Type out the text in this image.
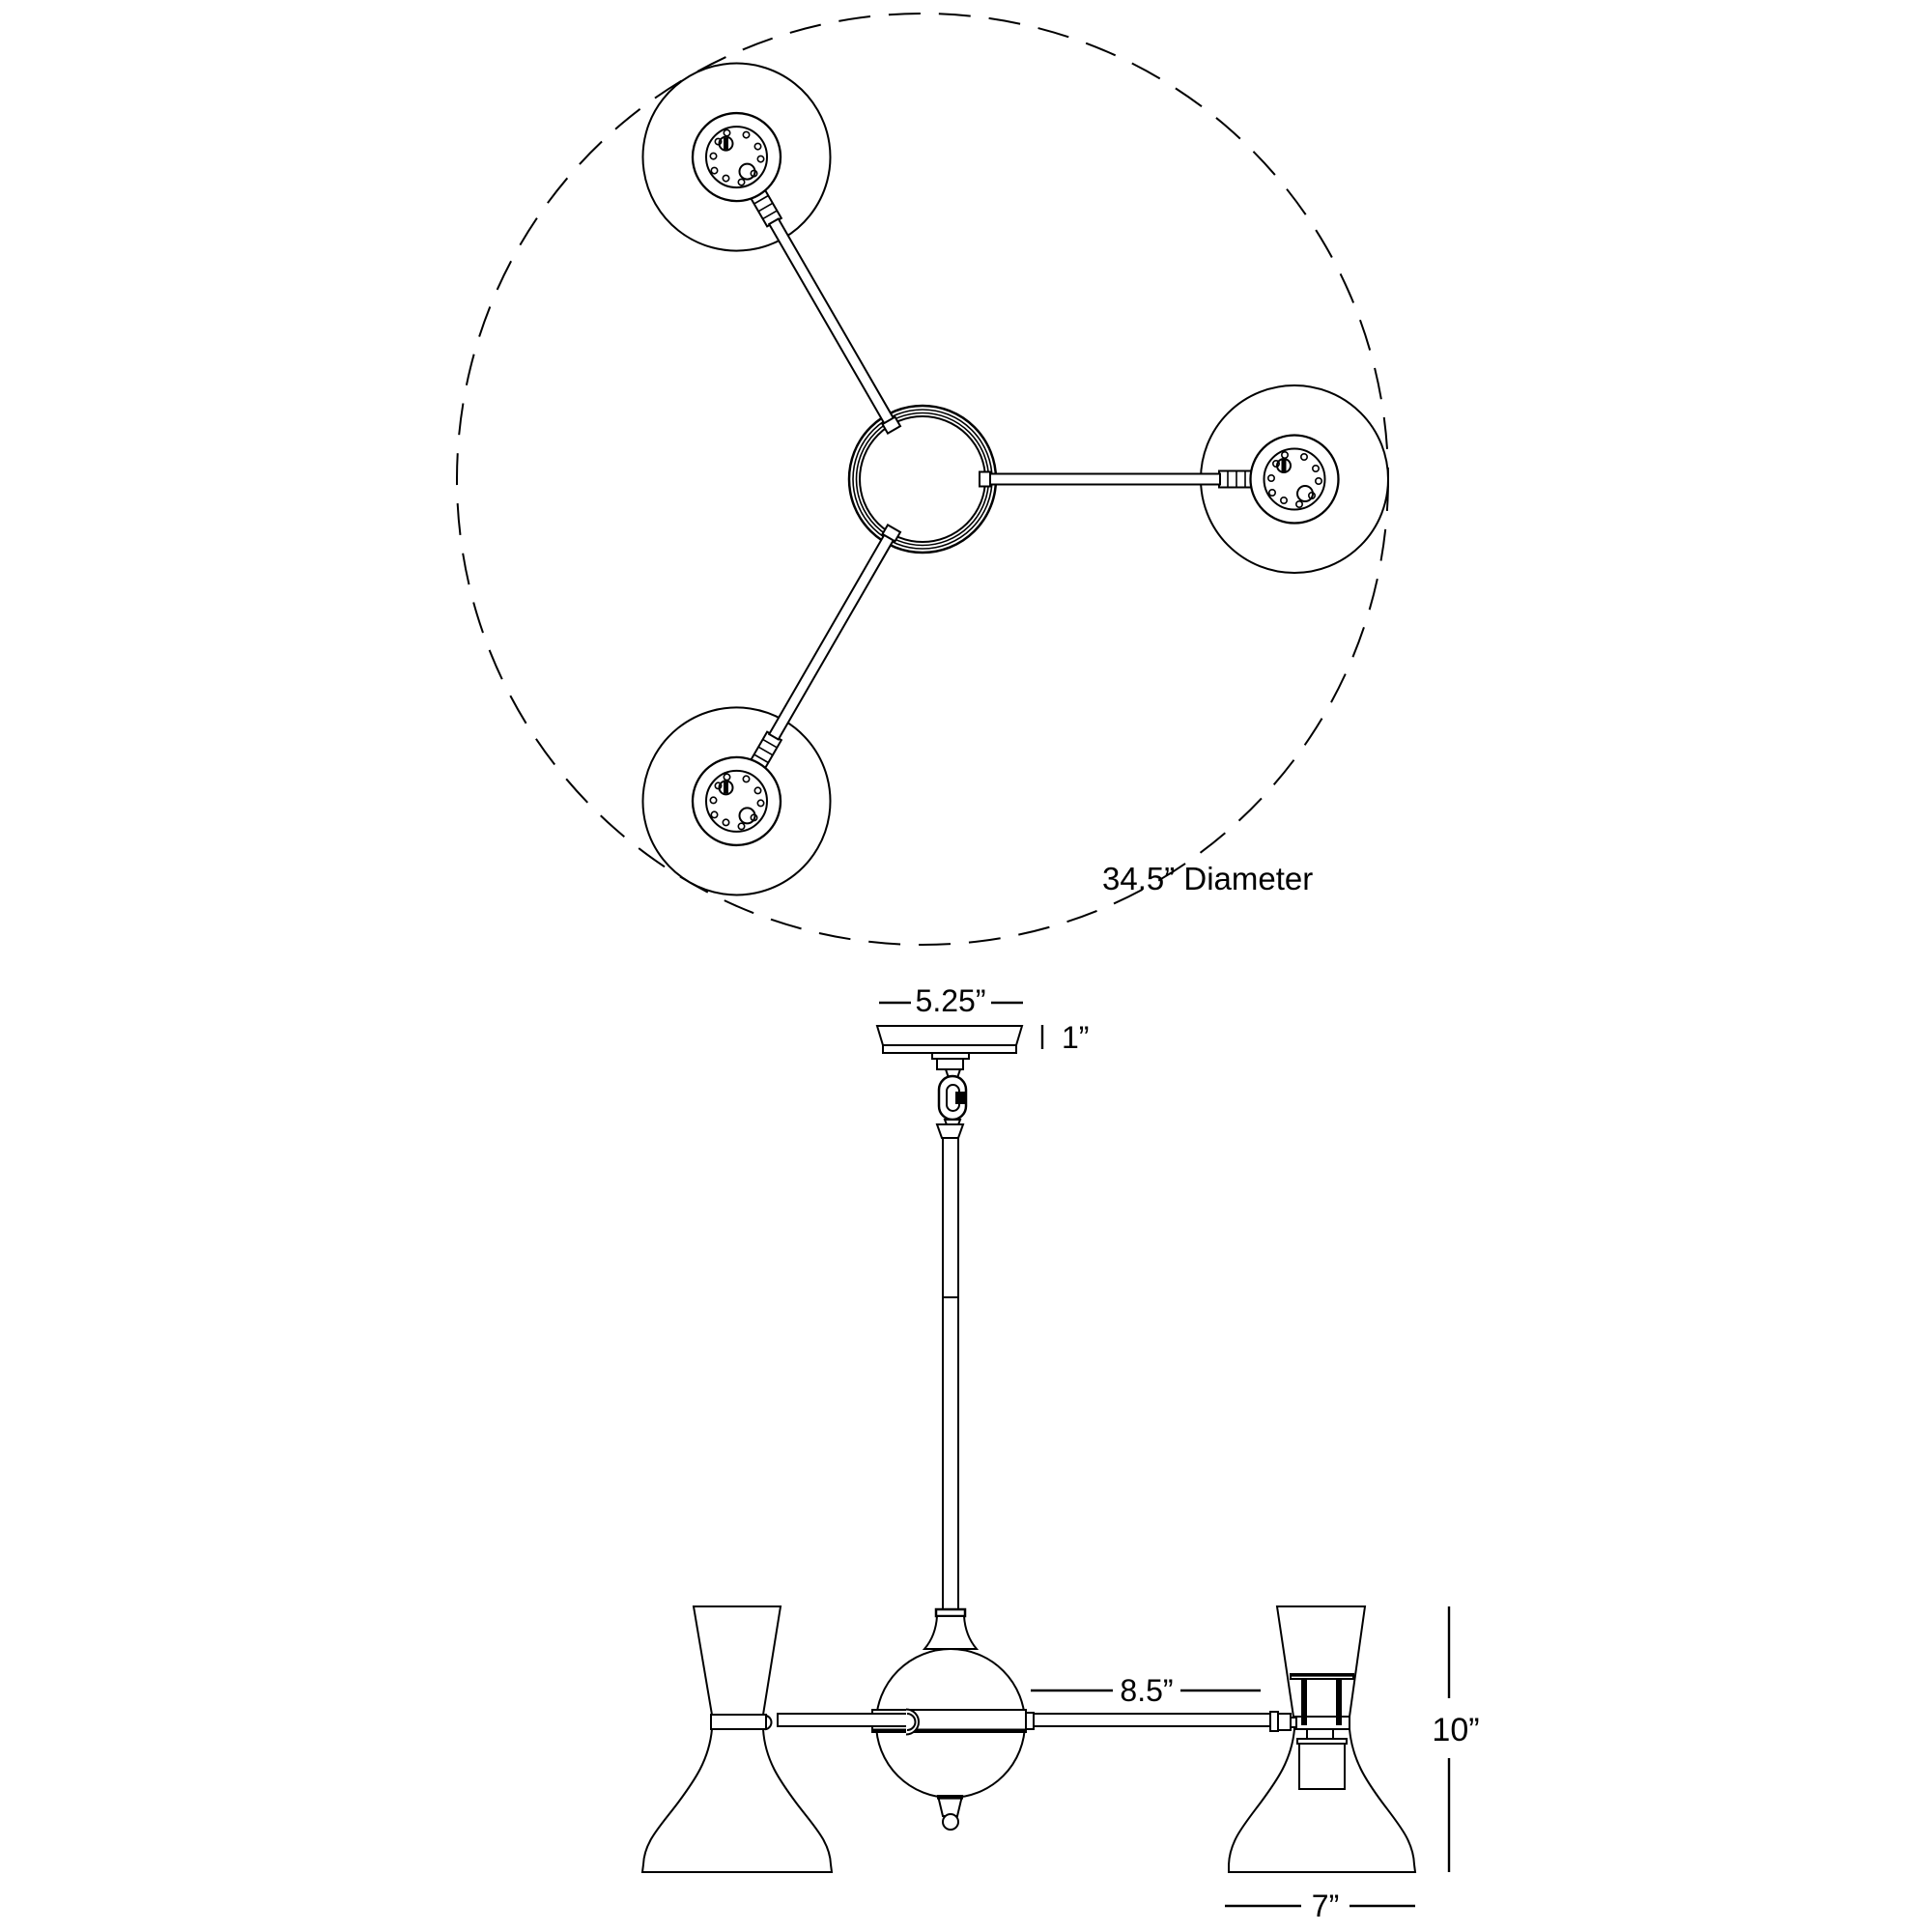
34.5” Diameter
5.25”
1”
8.5”
10”
7”
